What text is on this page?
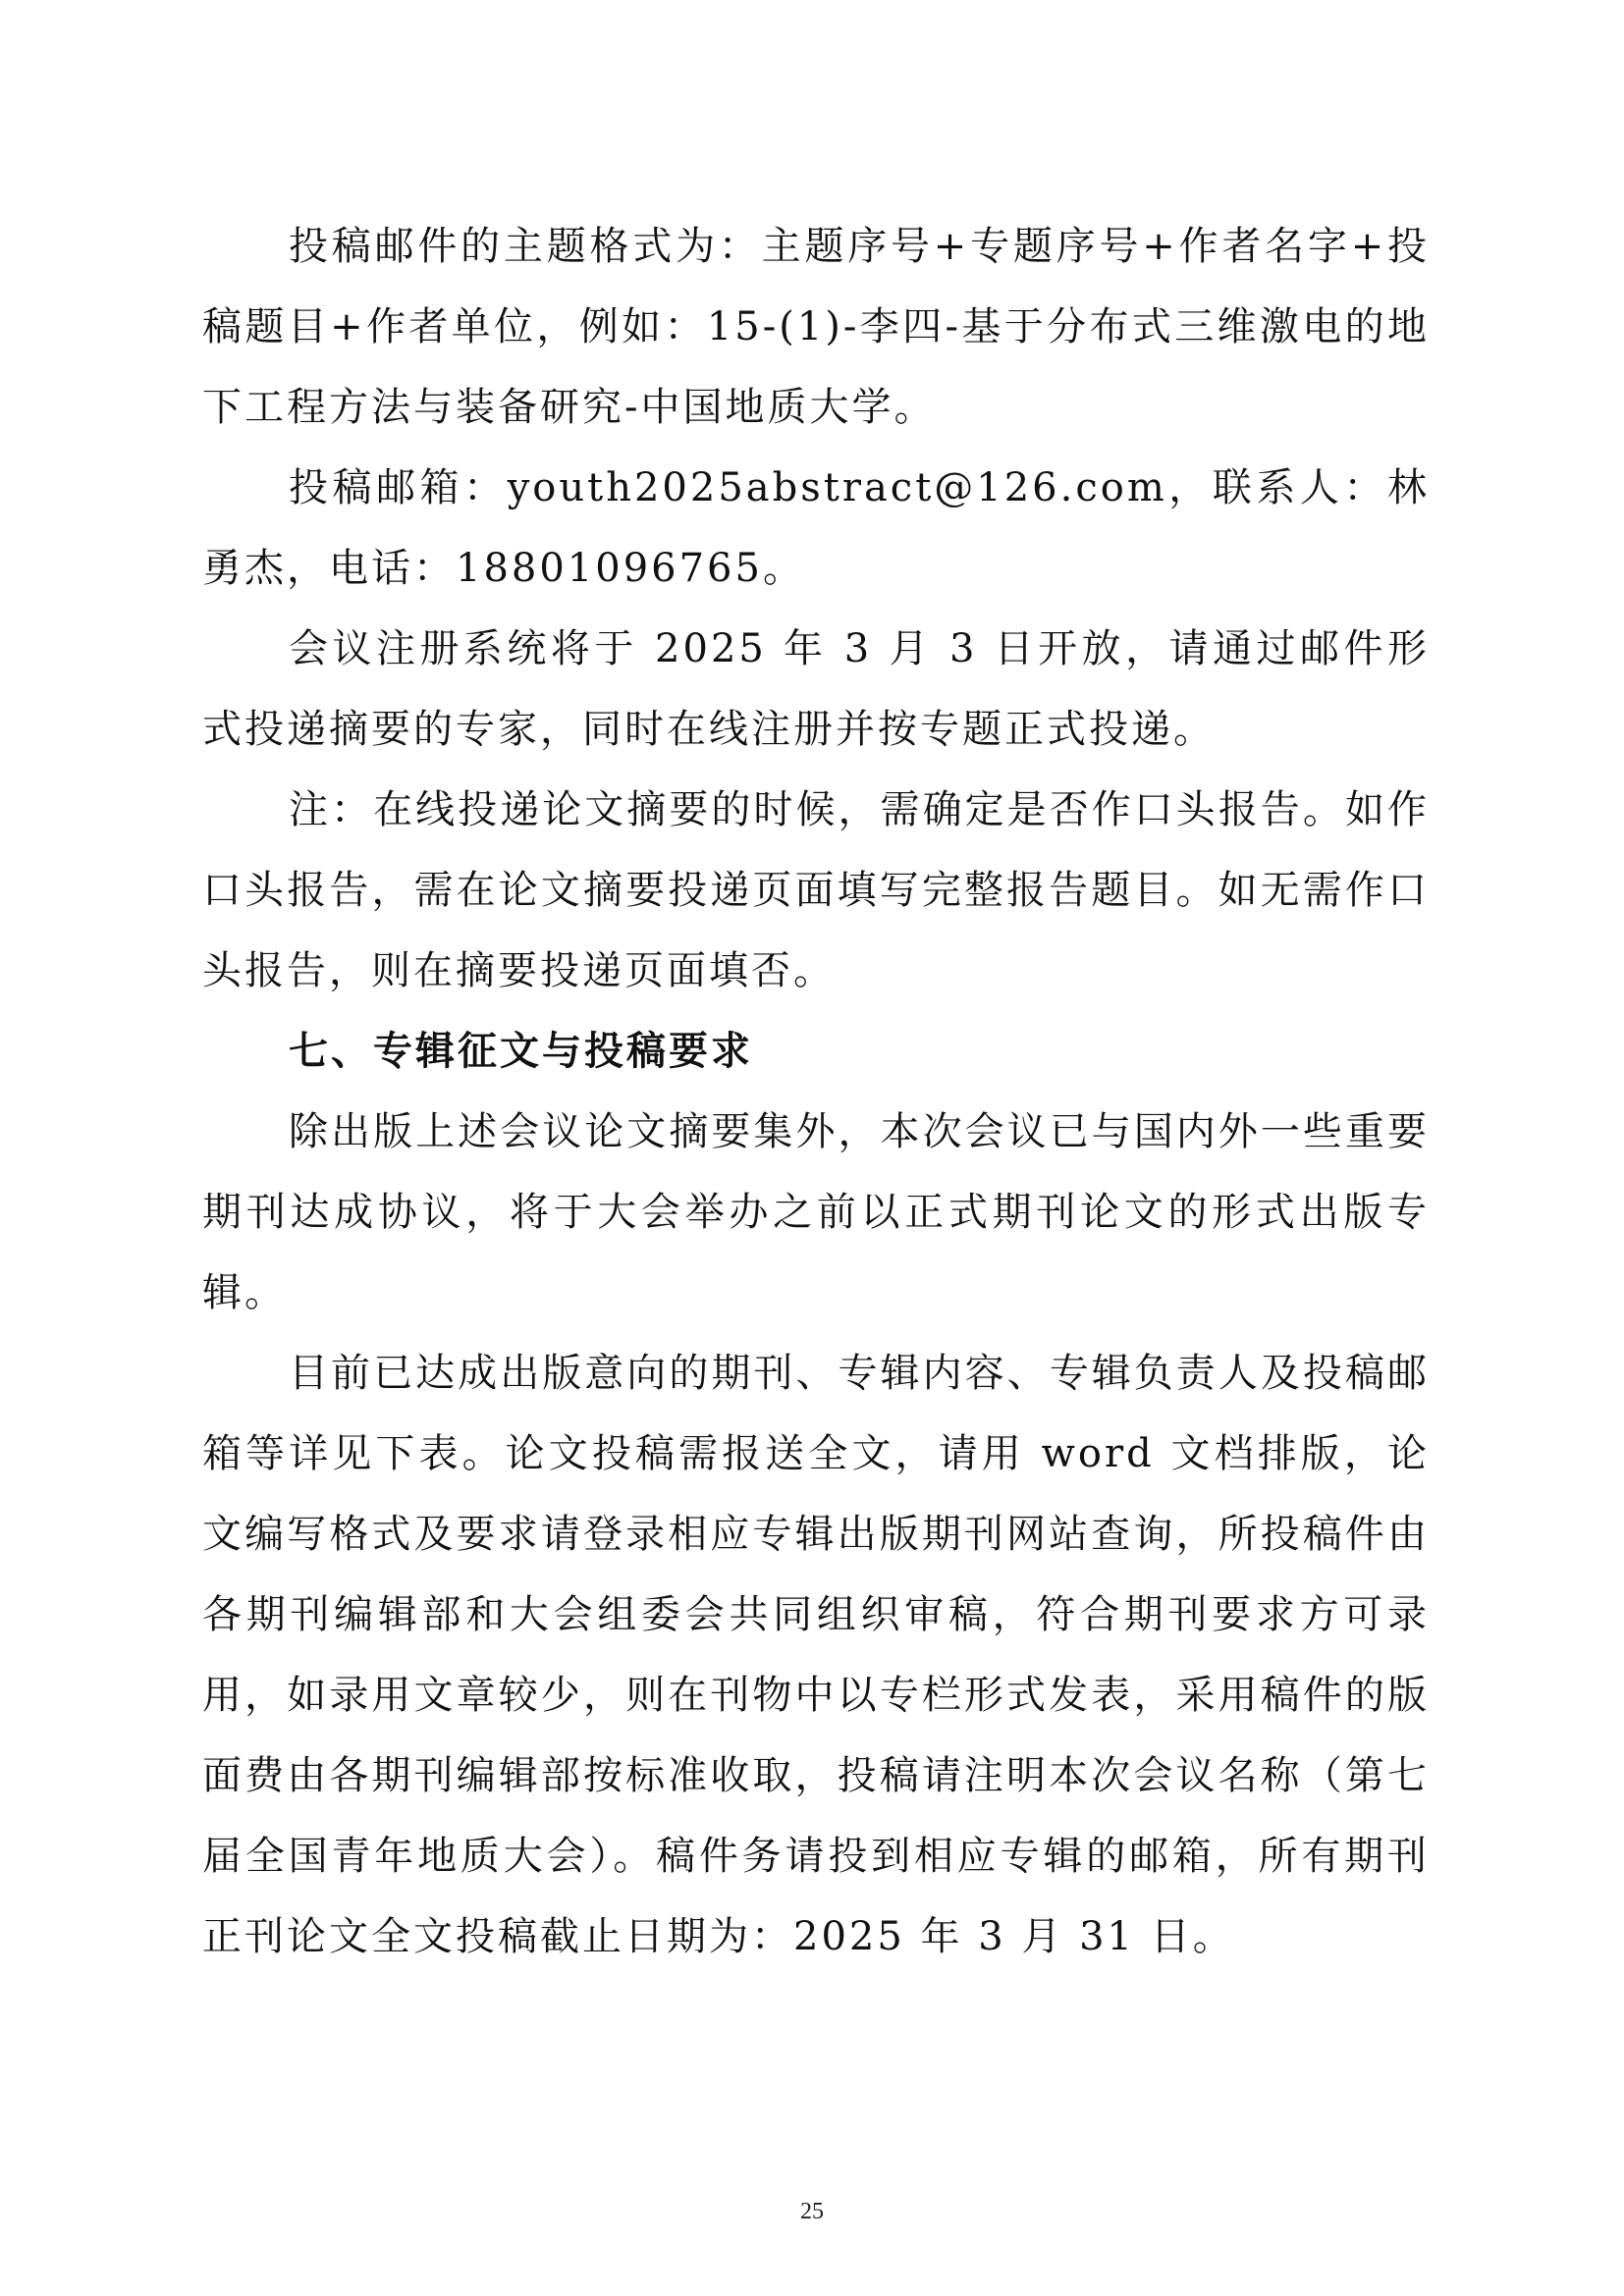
投稿邮件的主题格式为：主题序号+专题序号+作者名字+投稿题目+作者单位，例如：15-(1)-李四-基于分布式三维激电的地下工程方法与装备研究-中国地质大学。

投稿邮箱：youth2025abstract@126.com，联系人：林勇杰，电话：18801096765。

会议注册系统将于 2025 年 3 月 3 日开放，请通过邮件形式投递摘要的专家，同时在线注册并按专题正式投递。

注：在线投递论文摘要的时候，需确定是否作口头报告。如作口头报告，需在论文摘要投递页面填写完整报告题目。如无需作口头报告，则在摘要投递页面填否。

七、专辑征文与投稿要求

除出版上述会议论文摘要集外，本次会议已与国内外一些重要期刊达成协议，将于大会举办之前以正式期刊论文的形式出版专辑。

目前已达成出版意向的期刊、专辑内容、专辑负责人及投稿邮箱等详见下表。论文投稿需报送全文，请用 word 文档排版，论文编写格式及要求请登录相应专辑出版期刊网站查询，所投稿件由各期刊编辑部和大会组委会共同组织审稿，符合期刊要求方可录用，如录用文章较少，则在刊物中以专栏形式发表，采用稿件的版面费由各期刊编辑部按标准收取，投稿请注明本次会议名称（第七届全国青年地质大会）。稿件务请投到相应专辑的邮箱，所有期刊正刊论文全文投稿截止日期为：2025 年 3 月 31 日。

25
